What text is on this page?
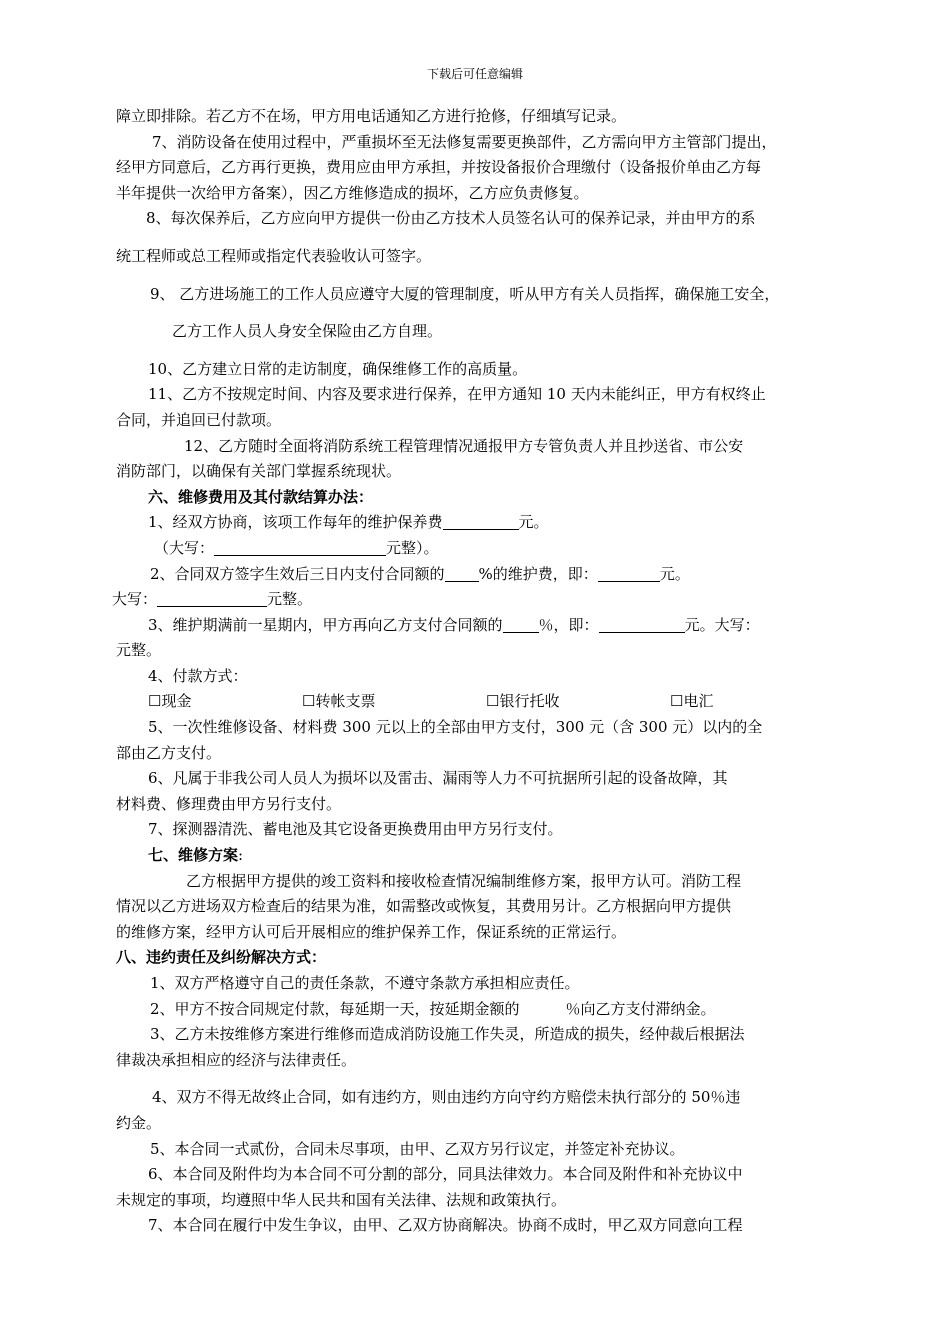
下载后可任意编辑

障立即排除。若乙方不在场，甲方用电话通知乙方进行抢修，仔细填写记录。

7、消防设备在使用过程中，严重损坏至无法修复需要更换部件，乙方需向甲方主管部门提出，

经甲方同意后，乙方再行更换，费用应由甲方承担，并按设备报价合理缴付（设备报价单由乙方每

半年提供一次给甲方备案），因乙方维修造成的损坏，乙方应负责修复。

8、每次保养后，乙方应向甲方提供一份由乙方技术人员签名认可的保养记录，并由甲方的系

统工程师或总工程师或指定代表验收认可签字。

9、 乙方进场施工的工作人员应遵守大厦的管理制度，听从甲方有关人员指挥，确保施工安全，

乙方工作人员人身安全保险由乙方自理。

10、乙方建立日常的走访制度，确保维修工作的高质量。

11、乙方不按规定时间、内容及要求进行保养，在甲方通知 10 天内未能纠正，甲方有权终止

合同，并追回已付款项。

12、乙方随时全面将消防系统工程管理情况通报甲方专管负责人并且抄送省、市公安

消防部门，以确保有关部门掌握系统现状。

六、维修费用及其付款结算办法：

1、经双方协商，该项工作每年的维护保养费	元。

（大写：	元整）。

2、合同双方签字生效后三日内支付合同额的 %的维护费，即：	元。

大写：	元整。

3、维护期满前一星期内，甲方再向乙方支付合同额的 ％，即：	元。大写：

元整。

4、付款方式：

☐现金	☐转帐支票	☐银行托收	☐电汇

5、一次性维修设备、材料费 300 元以上的全部由甲方支付，300 元（含 300 元）以内的全

部由乙方支付。

6、凡属于非我公司人员人为损坏以及雷击、漏雨等人力不可抗据所引起的设备故障，其

材料费、修理费由甲方另行支付。

7、探测器清洗、蓄电池及其它设备更换费用由甲方另行支付。

七、维修方案:

乙方根据甲方提供的竣工资料和接收检查情况编制维修方案，报甲方认可。消防工程

情况以乙方进场双方检查后的结果为准，如需整改或恢复，其费用另计。乙方根据向甲方提供

的维修方案，经甲方认可后开展相应的维护保养工作，保证系统的正常运行。

八、违约责任及纠纷解决方式：

1、双方严格遵守自己的责任条款，不遵守条款方承担相应责任。

2、甲方不按合同规定付款，每延期一天，按延期金额的	％向乙方支付滞纳金。

3、乙方未按维修方案进行维修而造成消防设施工作失灵，所造成的损失，经仲裁后根据法

律裁决承担相应的经济与法律责任。

4、双方不得无故终止合同，如有违约方，则由违约方向守约方赔偿未执行部分的 50％违

约金。

5、本合同一式贰份，合同未尽事项，由甲、乙双方另行议定，并签定补充协议。

6、本合同及附件均为本合同不可分割的部分，同具法律效力。本合同及附件和补充协议中

未规定的事项，均遵照中华人民共和国有关法律、法规和政策执行。

7、本合同在履行中发生争议，由甲、乙双方协商解决。协商不成时，甲乙双方同意向工程
